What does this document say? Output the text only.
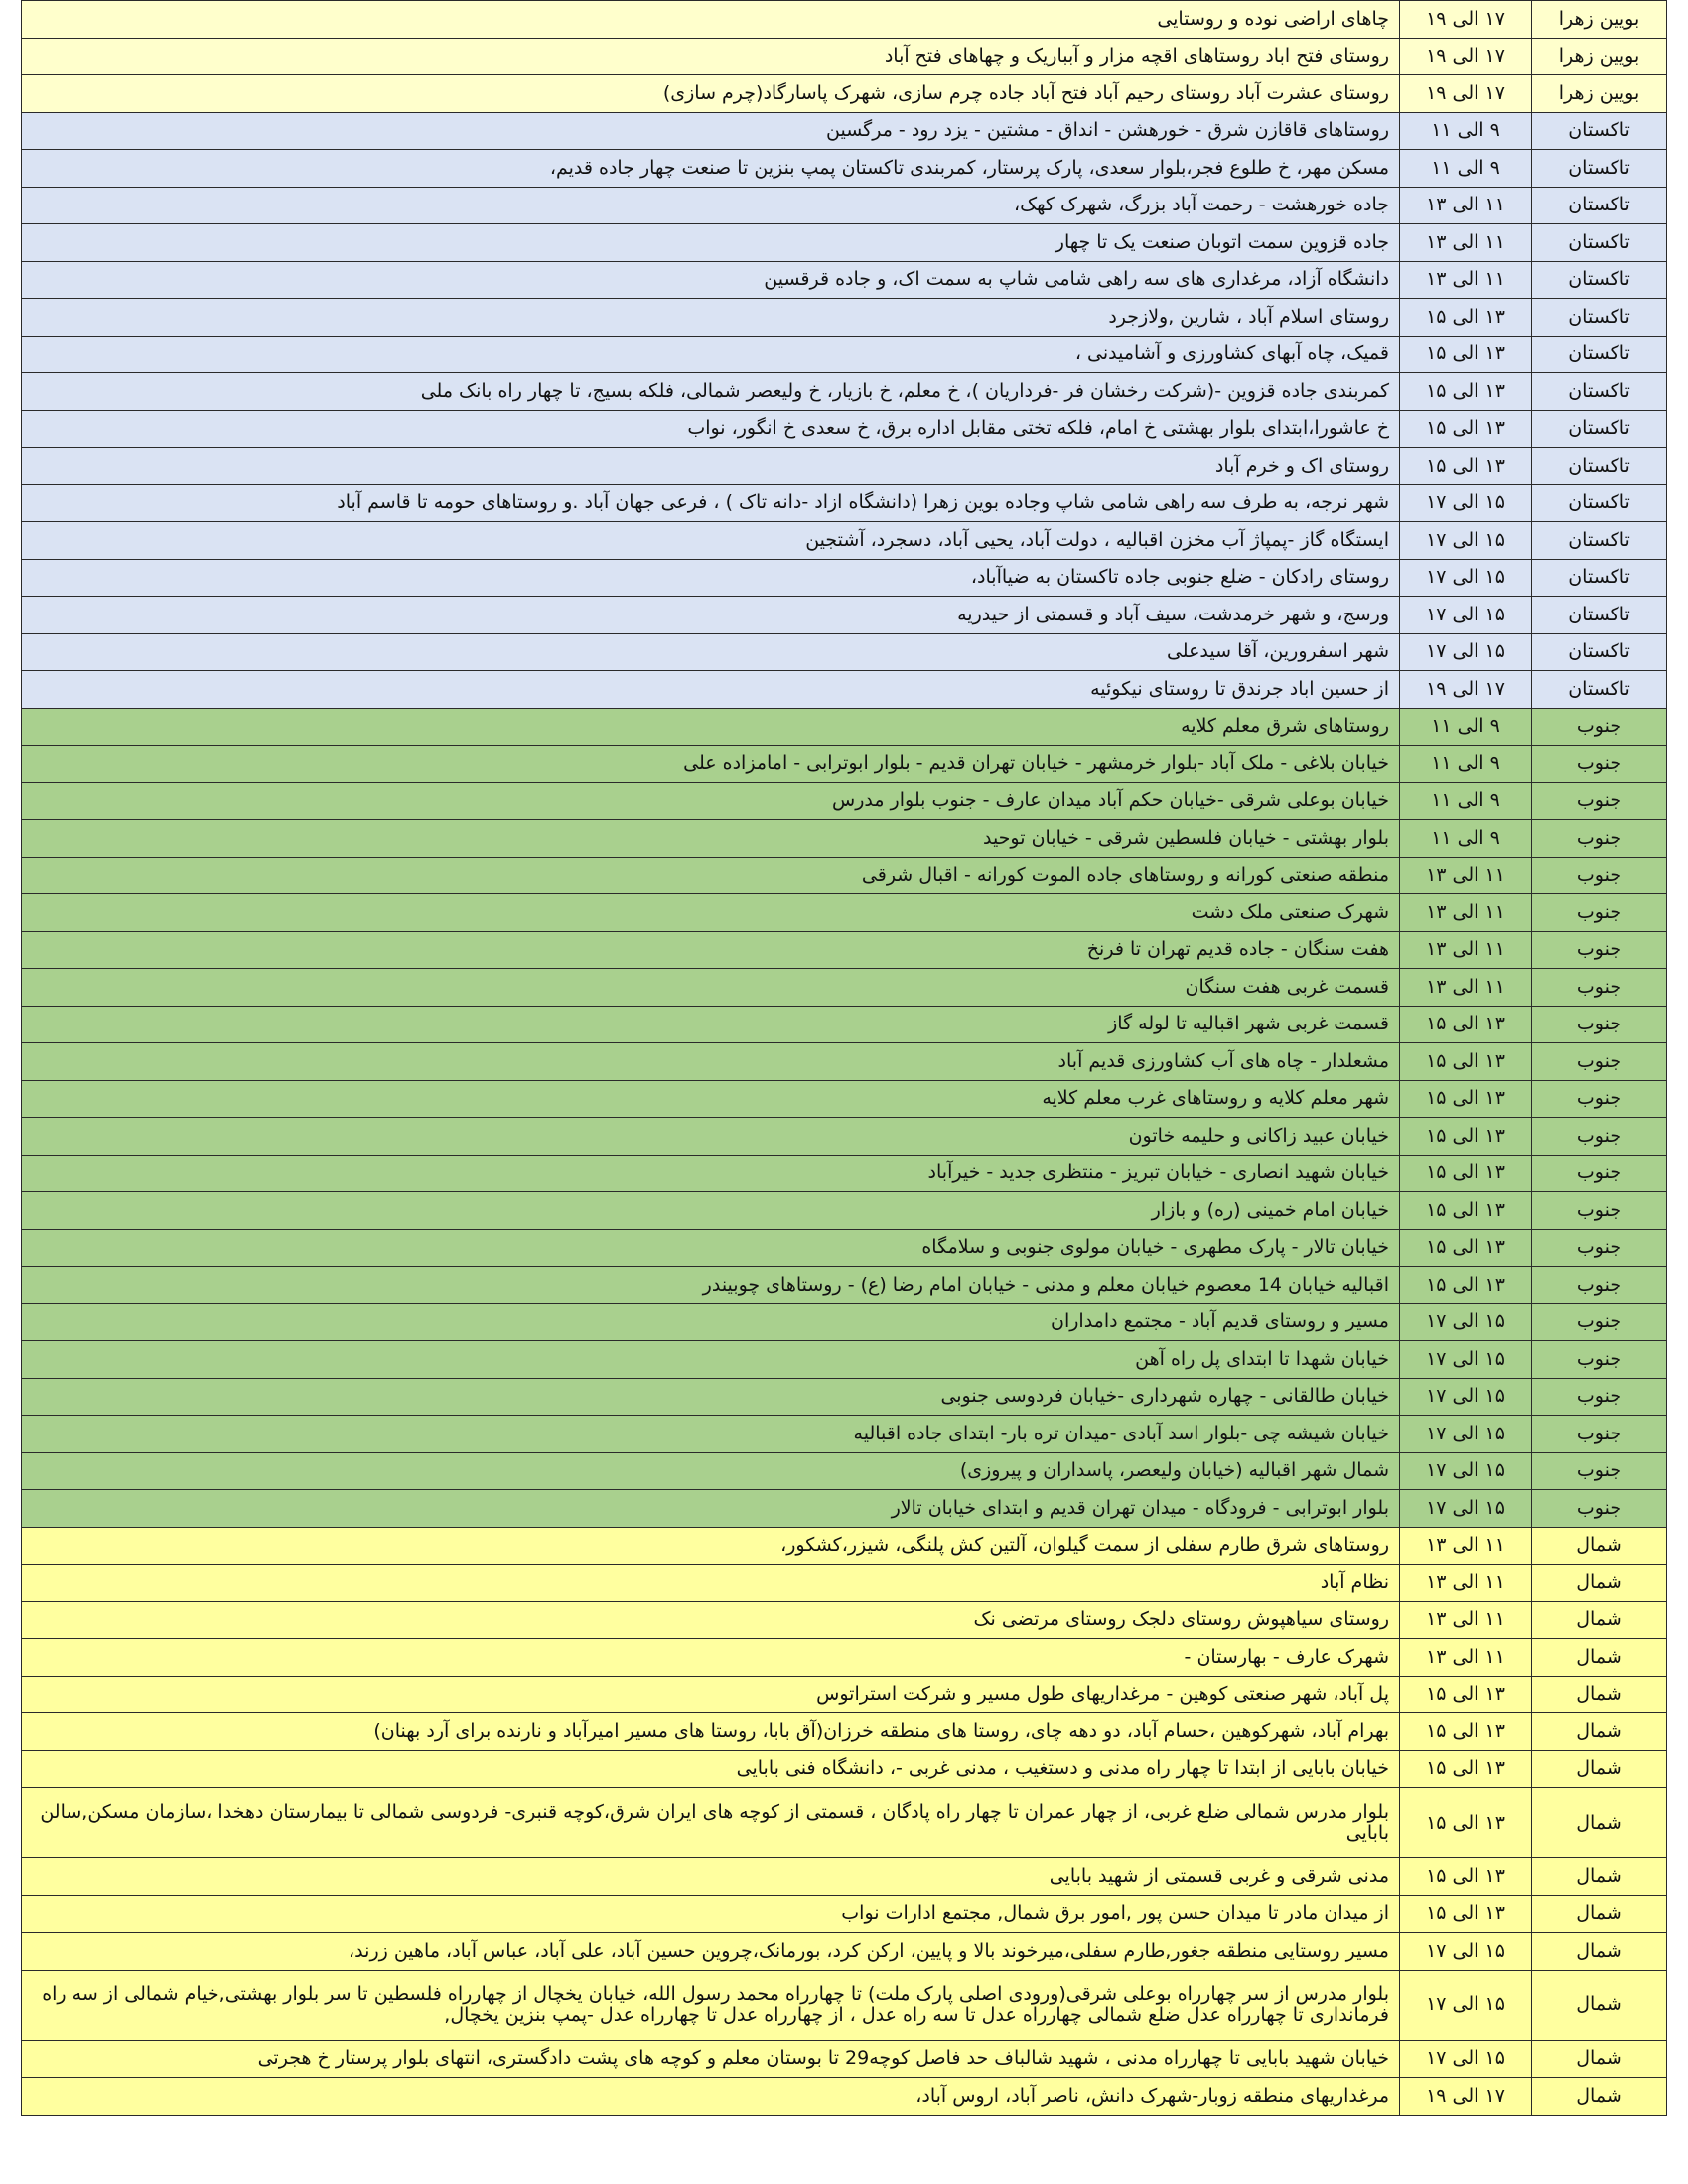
بویین زهرا	۱۷ الی ۱۹	چاهای اراضی نوده و روستایی
بویین زهرا	۱۷ الی ۱۹	روستای فتح اباد روستاهای اقچه مزار و آبباریک و چهاهای فتح آباد
بویین زهرا	۱۷ الی ۱۹	روستای عشرت آباد روستای رحیم آباد فتح آباد جاده چرم سازی، شهرک پاسارگاد(چرم سازی)
تاکستان	۹ الی ۱۱	روستاهای قاقازن شرق - خورهشن - انداق - مشتین - یزد رود - مرگسین
تاکستان	۹ الی ۱۱	مسکن مهر، خ طلوع فجر،بلوار سعدی، پارک پرستار، کمربندی تاکستان پمپ بنزین تا صنعت چهار جاده قدیم،
تاکستان	۱۱ الی ۱۳	جاده خورهشت - رحمت آباد بزرگ، شهرک کهک،
تاکستان	۱۱ الی ۱۳	جاده قزوین سمت اتوبان صنعت یک تا چهار
تاکستان	۱۱ الی ۱۳	دانشگاه آزاد، مرغداری های سه راهی شامی شاپ به سمت اک، و جاده قرقسین
تاکستان	۱۳ الی ۱۵	روستای اسلام آباد ، شارین ,ولازجرد
تاکستان	۱۳ الی ۱۵	قمیک، چاه آبهای کشاورزی و آشامیدنی ،
تاکستان	۱۳ الی ۱۵	کمربندی جاده قزوین -(شرکت رخشان فر -فرداریان )، خ معلم، خ بازیار، خ ولیعصر شمالی، فلکه بسیج، تا چهار راه بانک ملی
تاکستان	۱۳ الی ۱۵	خ عاشورا،ابتدای بلوار بهشتی خ امام، فلکه تختی مقابل اداره برق، خ سعدی خ انگور، نواب
تاکستان	۱۳ الی ۱۵	روستای اک و خرم آباد
تاکستان	۱۵ الی ۱۷	شهر نرجه، به طرف سه راهی شامی شاپ وجاده بوین زهرا (دانشگاه ازاد -دانه تاک ) ، فرعی جهان آباد .و روستاهای حومه تا قاسم آباد
تاکستان	۱۵ الی ۱۷	ایستگاه گاز -پمپاژ آب مخزن اقبالیه ، دولت آباد، یحیی آباد، دسجرد، آشتجین
تاکستان	۱۵ الی ۱۷	روستای رادکان - ضلع جنوبی جاده تاکستان به ضیاآباد،
تاکستان	۱۵ الی ۱۷	ورسج، و شهر خرمدشت، سیف آباد و قسمتی از حیدریه
تاکستان	۱۵ الی ۱۷	شهر اسفرورین، آقا سیدعلی
تاکستان	۱۷ الی ۱۹	از حسین اباد جرندق تا روستای نیکوئیه
جنوب	۹ الی ۱۱	روستاهای شرق معلم کلایه
جنوب	۹ الی ۱۱	خیابان بلاغی - ملک آباد -بلوار خرمشهر - خیابان تهران قدیم - بلوار ابوترابی - امامزاده علی
جنوب	۹ الی ۱۱	خیابان بوعلی شرقی -خیابان حکم آباد میدان عارف - جنوب بلوار مدرس
جنوب	۹ الی ۱۱	بلوار بهشتی - خیابان فلسطین شرقی - خیابان توحید
جنوب	۱۱ الی ۱۳	منطقه صنعتی کورانه و روستاهای جاده الموت کورانه - اقبال شرقی
جنوب	۱۱ الی ۱۳	شهرک صنعتی ملک دشت
جنوب	۱۱ الی ۱۳	هفت سنگان - جاده قدیم تهران تا فرنخ
جنوب	۱۱ الی ۱۳	قسمت غربی هفت سنگان
جنوب	۱۳ الی ۱۵	قسمت غربی شهر اقبالیه تا لوله گاز
جنوب	۱۳ الی ۱۵	مشعلدار - چاه های آب کشاورزی قدیم آباد
جنوب	۱۳ الی ۱۵	شهر معلم کلایه و روستاهای غرب معلم کلایه
جنوب	۱۳ الی ۱۵	خیابان عبید زاکانی و حلیمه خاتون
جنوب	۱۳ الی ۱۵	خیابان شهید انصاری - خیابان تبریز - منتظری جدید - خیرآباد
جنوب	۱۳ الی ۱۵	خیابان امام خمینی (ره) و بازار
جنوب	۱۳ الی ۱۵	خیابان تالار - پارک مطهری - خیابان مولوی جنوبی و سلامگاه
جنوب	۱۳ الی ۱۵	اقبالیه خیابان 14 معصوم خیابان معلم و مدنی - خیابان امام رضا (ع) - روستاهای چوبیندر
جنوب	۱۵ الی ۱۷	مسیر و روستای قدیم آباد - مجتمع دامداران
جنوب	۱۵ الی ۱۷	خیابان شهدا تا ابتدای پل راه آهن
جنوب	۱۵ الی ۱۷	خیابان طالقانی - چهاره شهرداری -خیابان فردوسی جنوبی
جنوب	۱۵ الی ۱۷	خیابان شیشه چی -بلوار اسد آبادی -میدان تره بار- ابتدای جاده اقبالیه
جنوب	۱۵ الی ۱۷	شمال شهر اقبالیه (خیابان ولیعصر، پاسداران و پیروزی)
جنوب	۱۵ الی ۱۷	بلوار ابوترابی - فرودگاه - میدان تهران قدیم و ابتدای خیابان تالار
شمال	۱۱ الی ۱۳	روستاهای شرق طارم سفلی از سمت گیلوان، آلتین کش پلنگی، شیزر،کشکور،
شمال	۱۱ الی ۱۳	نظام آباد
شمال	۱۱ الی ۱۳	روستای سیاهپوش روستای دلجک روستای مرتضی نک
شمال	۱۱ الی ۱۳	شهرک عارف - بهارستان -
شمال	۱۳ الی ۱۵	پل آباد، شهر صنعتی کوهین - مرغداریهای طول مسیر و شرکت استراتوس
شمال	۱۳ الی ۱۵	بهرام آباد، شهرکوهین ،حسام آباد، دو دهه چای، روستا های منطقه خرزان(آق بابا، روستا های مسیر امیرآباد و نارنده برای آرد بهنان)
شمال	۱۳ الی ۱۵	خیابان بابایی از ابتدا تا چهار راه مدنی و دستغیب ، مدنی غربی -، دانشگاه فنی بابایی
شمال	۱۳ الی ۱۵	بلوار مدرس شمالی ضلع غربی، از چهار عمران تا چهار راه پادگان ، قسمتی از کوچه های ایران شرق،کوچه قنبری- فردوسی شمالی تا بیمارستان دهخدا ،سازمان مسکن,سالن بابایی
شمال	۱۳ الی ۱۵	مدنی شرقی و غربی قسمتی از شهید بابایی
شمال	۱۳ الی ۱۵	از میدان مادر تا میدان حسن پور ,امور برق شمال, مجتمع ادارات نواب
شمال	۱۵ الی ۱۷	مسیر روستایی منطقه جغور,طارم سفلی،میرخوند بالا و پایین، ارکن کرد، بورمانک،چروین حسین آباد، علی آباد، عباس آباد، ماهین زرند،
شمال	۱۵ الی ۱۷	بلوار مدرس از سر چهارراه بوعلی شرقی(ورودی اصلی پارک ملت) تا چهارراه محمد رسول الله، خیابان یخچال از چهارراه فلسطین تا سر بلوار بهشتی,خیام شمالی از سه راه فرمانداری تا چهارراه عدل ضلع شمالی چهارراه عدل تا سه راه عدل ، از چهارراه عدل تا چهارراه عدل -پمپ بنزین یخچال,
شمال	۱۵ الی ۱۷	خیابان شهید بابایی تا چهارراه مدنی ، شهید شالباف حد فاصل کوچه29 تا بوستان معلم و کوچه های پشت دادگستری، انتهای بلوار پرستار خ هجرتی
شمال	۱۷ الی ۱۹	مرغداریهای منطقه زوبار-شهرک دانش، ناصر آباد، اروس آباد،
